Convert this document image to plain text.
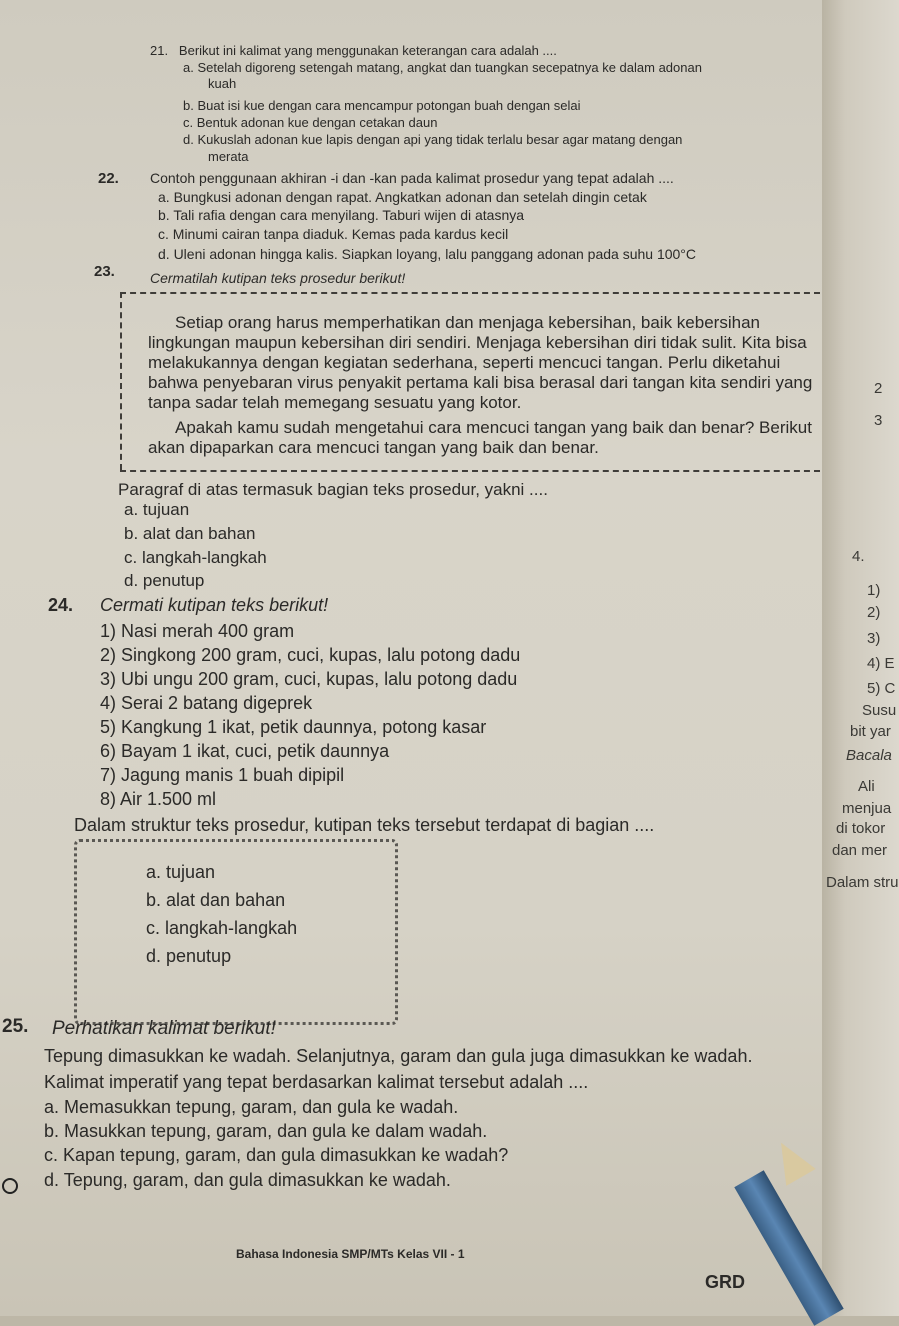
21. Berikut ini kalimat yang menggunakan keterangan cara adalah ....
a. Setelah digoreng setengah matang, angkat dan tuangkan secepatnya ke dalam adonan
kuah
b. Buat isi kue dengan cara mencampur potongan buah dengan selai
c. Bentuk adonan kue dengan cetakan daun
d. Kukuslah adonan kue lapis dengan api yang tidak terlalu besar agar matang dengan
merata
22. Contoh penggunaan akhiran -i dan -kan pada kalimat prosedur yang tepat adalah ....
a. Bungkusi adonan dengan rapat. Angkatkan adonan dan setelah dingin cetak
b. Tali rafia dengan cara menyilang. Taburi wijen di atasnya
c. Minumi cairan tanpa diaduk. Kemas pada kardus kecil
d. Uleni adonan hingga kalis. Siapkan loyang, lalu panggang adonan pada suhu 100°C
23.	Cermatilah kutipan teks prosedur berikut!
Setiap orang harus memperhatikan dan menjaga kebersihan, baik kebersihan
lingkungan maupun kebersihan diri sendiri. Menjaga kebersihan diri tidak sulit. Kita bisa
melakukannya dengan kegiatan sederhana, seperti mencuci tangan. Perlu diketahui
bahwa penyebaran virus penyakit pertama kali bisa berasal dari tangan kita sendiri yang
tanpa sadar telah memegang sesuatu yang kotor.
Apakah kamu sudah mengetahui cara mencuci tangan yang baik dan benar? Berikut
akan dipaparkan cara mencuci tangan yang baik dan benar.
Paragraf di atas termasuk bagian teks prosedur, yakni ....
a. tujuan
b. alat dan bahan
c. langkah-langkah
d. penutup
24. Cermati kutipan teks berikut!
1) Nasi merah 400 gram
2) Singkong 200 gram, cuci, kupas, lalu potong dadu
3) Ubi ungu 200 gram, cuci, kupas, lalu potong dadu
4) Serai 2 batang digeprek
5) Kangkung 1 ikat, petik daunnya, potong kasar
6) Bayam 1 ikat, cuci, petik daunnya
7) Jagung manis 1 buah dipipil
8) Air 1.500 ml
Dalam struktur teks prosedur, kutipan teks tersebut terdapat di bagian ....
a. tujuan
b. alat dan bahan
c. langkah-langkah
d. penutup
25. Perhatikan kalimat berikut!
Tepung dimasukkan ke wadah. Selanjutnya, garam dan gula juga dimasukkan ke wadah.
Kalimat imperatif yang tepat berdasarkan kalimat tersebut adalah ....
a. Memasukkan tepung, garam, dan gula ke wadah.
b. Masukkan tepung, garam, dan gula ke dalam wadah.
c. Kapan tepung, garam, dan gula dimasukkan ke wadah?
d. Tepung, garam, dan gula dimasukkan ke wadah.
Bahasa Indonesia SMP/MTs Kelas VII - 1
2
3
4.
1)
2)
3)
4) E
5) C
Susu
bit yar
Bacala
Ali
menjua
di tokor
dan mer
Dalam stru
GRD
